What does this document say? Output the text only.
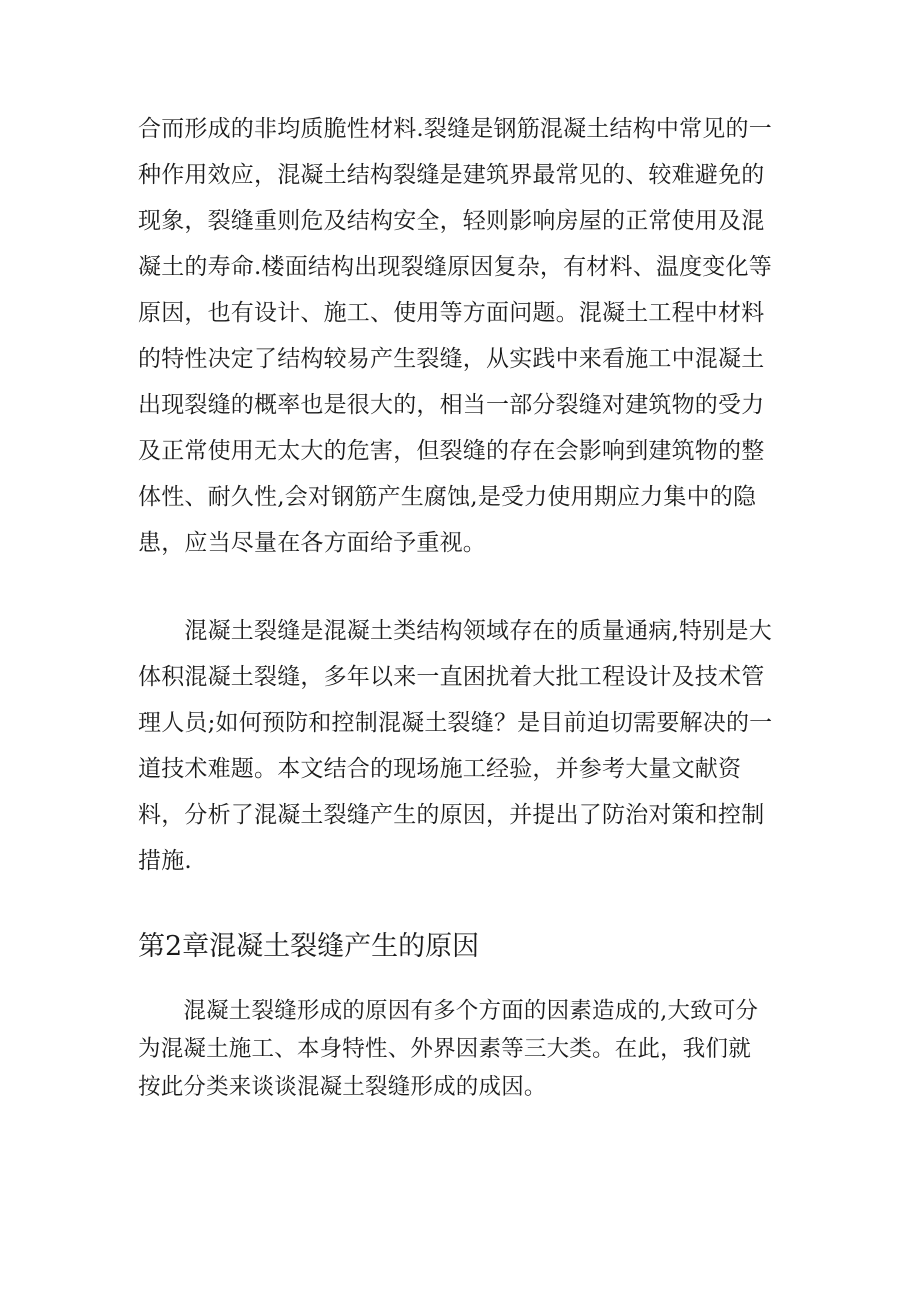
合而形成的非均质脆性材料.裂缝是钢筋混凝土结构中常见的一
种作用效应，混凝土结构裂缝是建筑界最常见的、较难避免的
现象，裂缝重则危及结构安全，轻则影响房屋的正常使用及混
凝土的寿命.楼面结构出现裂缝原因复杂，有材料、温度变化等
原因，也有设计、施工、使用等方面问题。混凝土工程中材料
的特性决定了结构较易产生裂缝，从实践中来看施工中混凝土
出现裂缝的概率也是很大的，相当一部分裂缝对建筑物的受力
及正常使用无太大的危害，但裂缝的存在会影响到建筑物的整
体性、耐久性,会对钢筋产生腐蚀,是受力使用期应力集中的隐
患，应当尽量在各方面给予重视。
　　混凝土裂缝是混凝土类结构领域存在的质量通病,特别是大
体积混凝土裂缝，多年以来一直困扰着大批工程设计及技术管
理人员;如何预防和控制混凝土裂缝？是目前迫切需要解决的一
道技术难题。本文结合的现场施工经验，并参考大量文献资
料，分析了混凝土裂缝产生的原因，并提出了防治对策和控制
措施.
第2章混凝土裂缝产生的原因
　　混凝土裂缝形成的原因有多个方面的因素造成的,大致可分
为混凝土施工、本身特性、外界因素等三大类。在此，我们就
按此分类来谈谈混凝土裂缝形成的成因。
